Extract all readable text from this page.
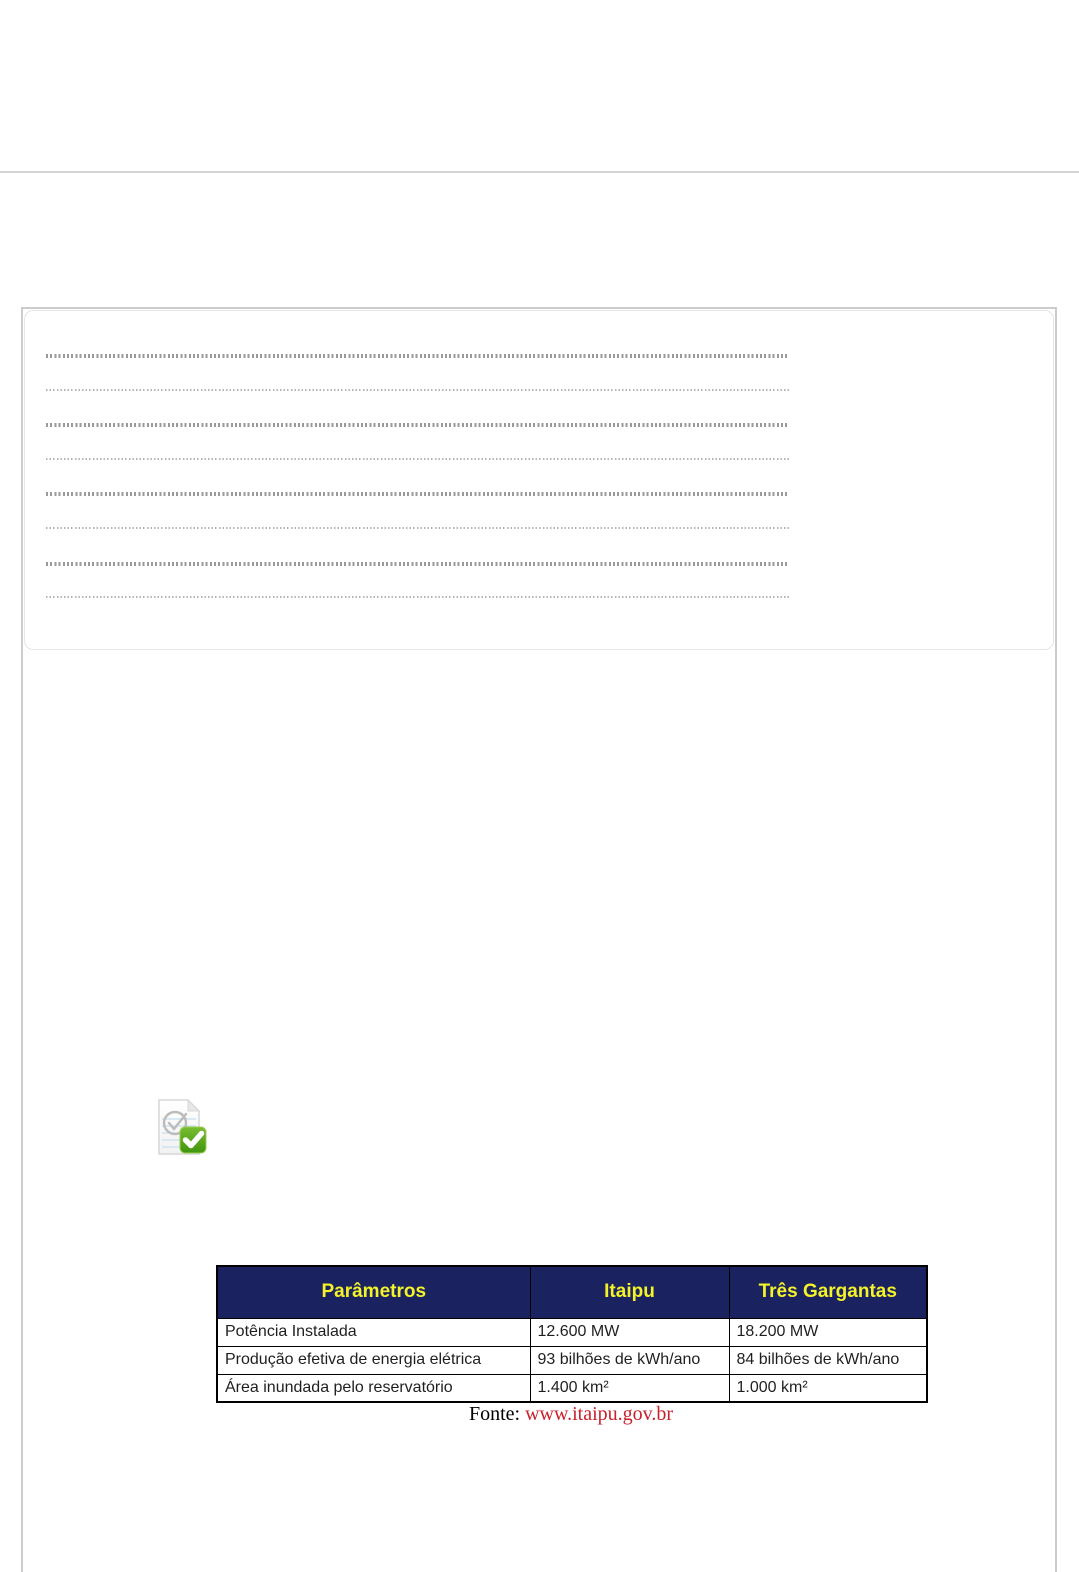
Parâmetros	Itaipu	Três Gargantas
Potência Instalada	12.600 MW	18.200 MW
Produção efetiva de energia elétrica	93 bilhões de kWh/ano	84 bilhões de kWh/ano
Área inundada pelo reservatório	1.400 km²	1.000 km²
Fonte: www.itaipu.gov.br
